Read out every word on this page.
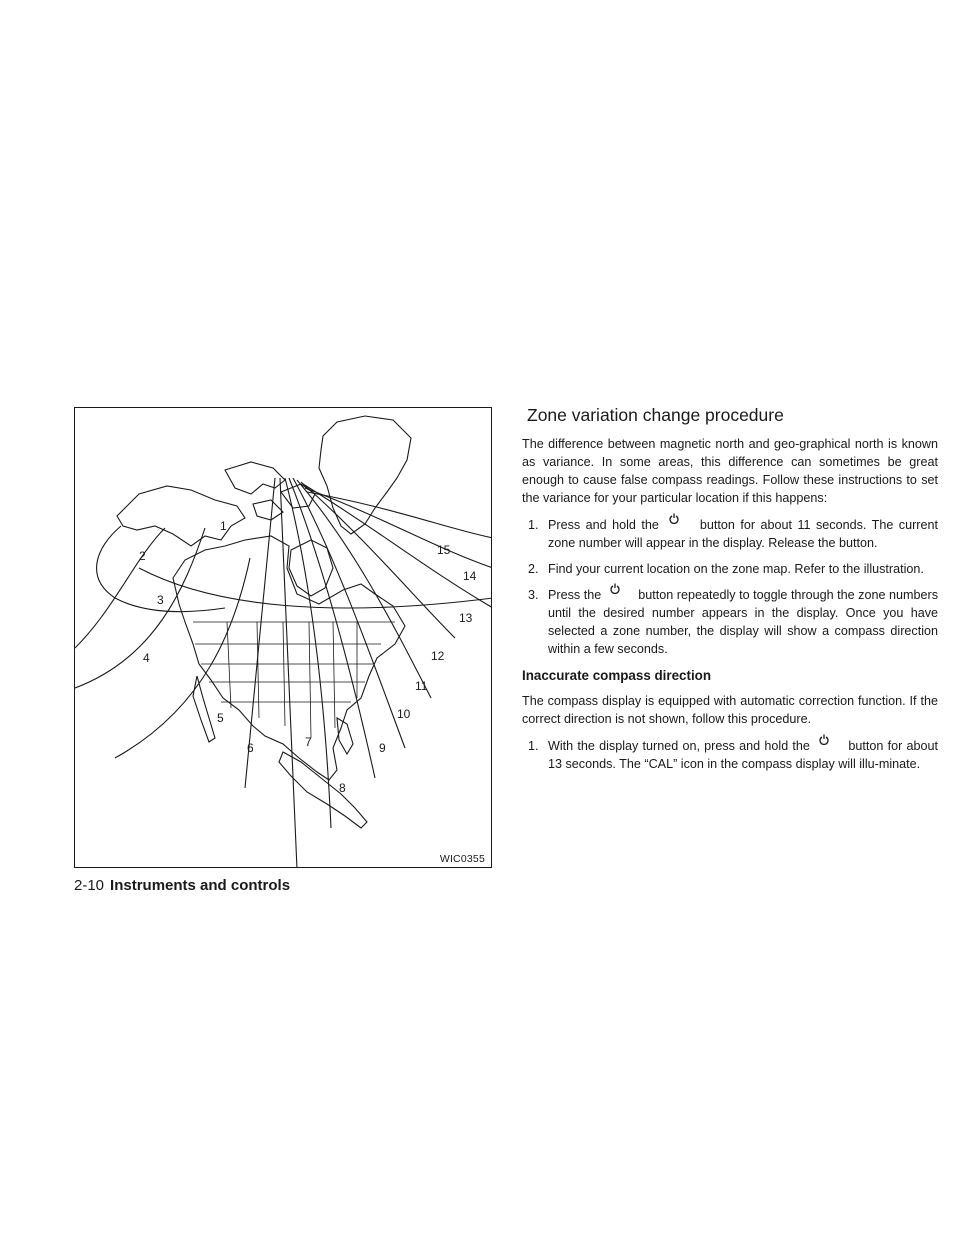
1
2
3
4
5
6	7
8
9
10
11
12
13
14
15
WIC0355
2-10 Instruments and controls
Zone variation change procedure

The difference between magnetic north and geo-graphical north is known as variance. In some areas, this difference can sometimes be great enough to cause false compass readings. Follow these instructions to set the variance for your particular location if this happens:

1. Press and hold the	button for about 11 seconds. The current zone number will appear in the display. Release the button.
2. Find your current location on the zone map. Refer to the illustration.
3. Press the	button repeatedly to toggle through the zone numbers until the desired number appears in the display. Once you have selected a zone number, the display will show a compass direction within a few seconds.
Inaccurate compass direction

The compass display is equipped with automatic correction function. If the correct direction is not shown, follow this procedure.

1. With the display turned on, press and hold the	button for about 13 seconds. The “CAL” icon in the compass display will illu-minate.
